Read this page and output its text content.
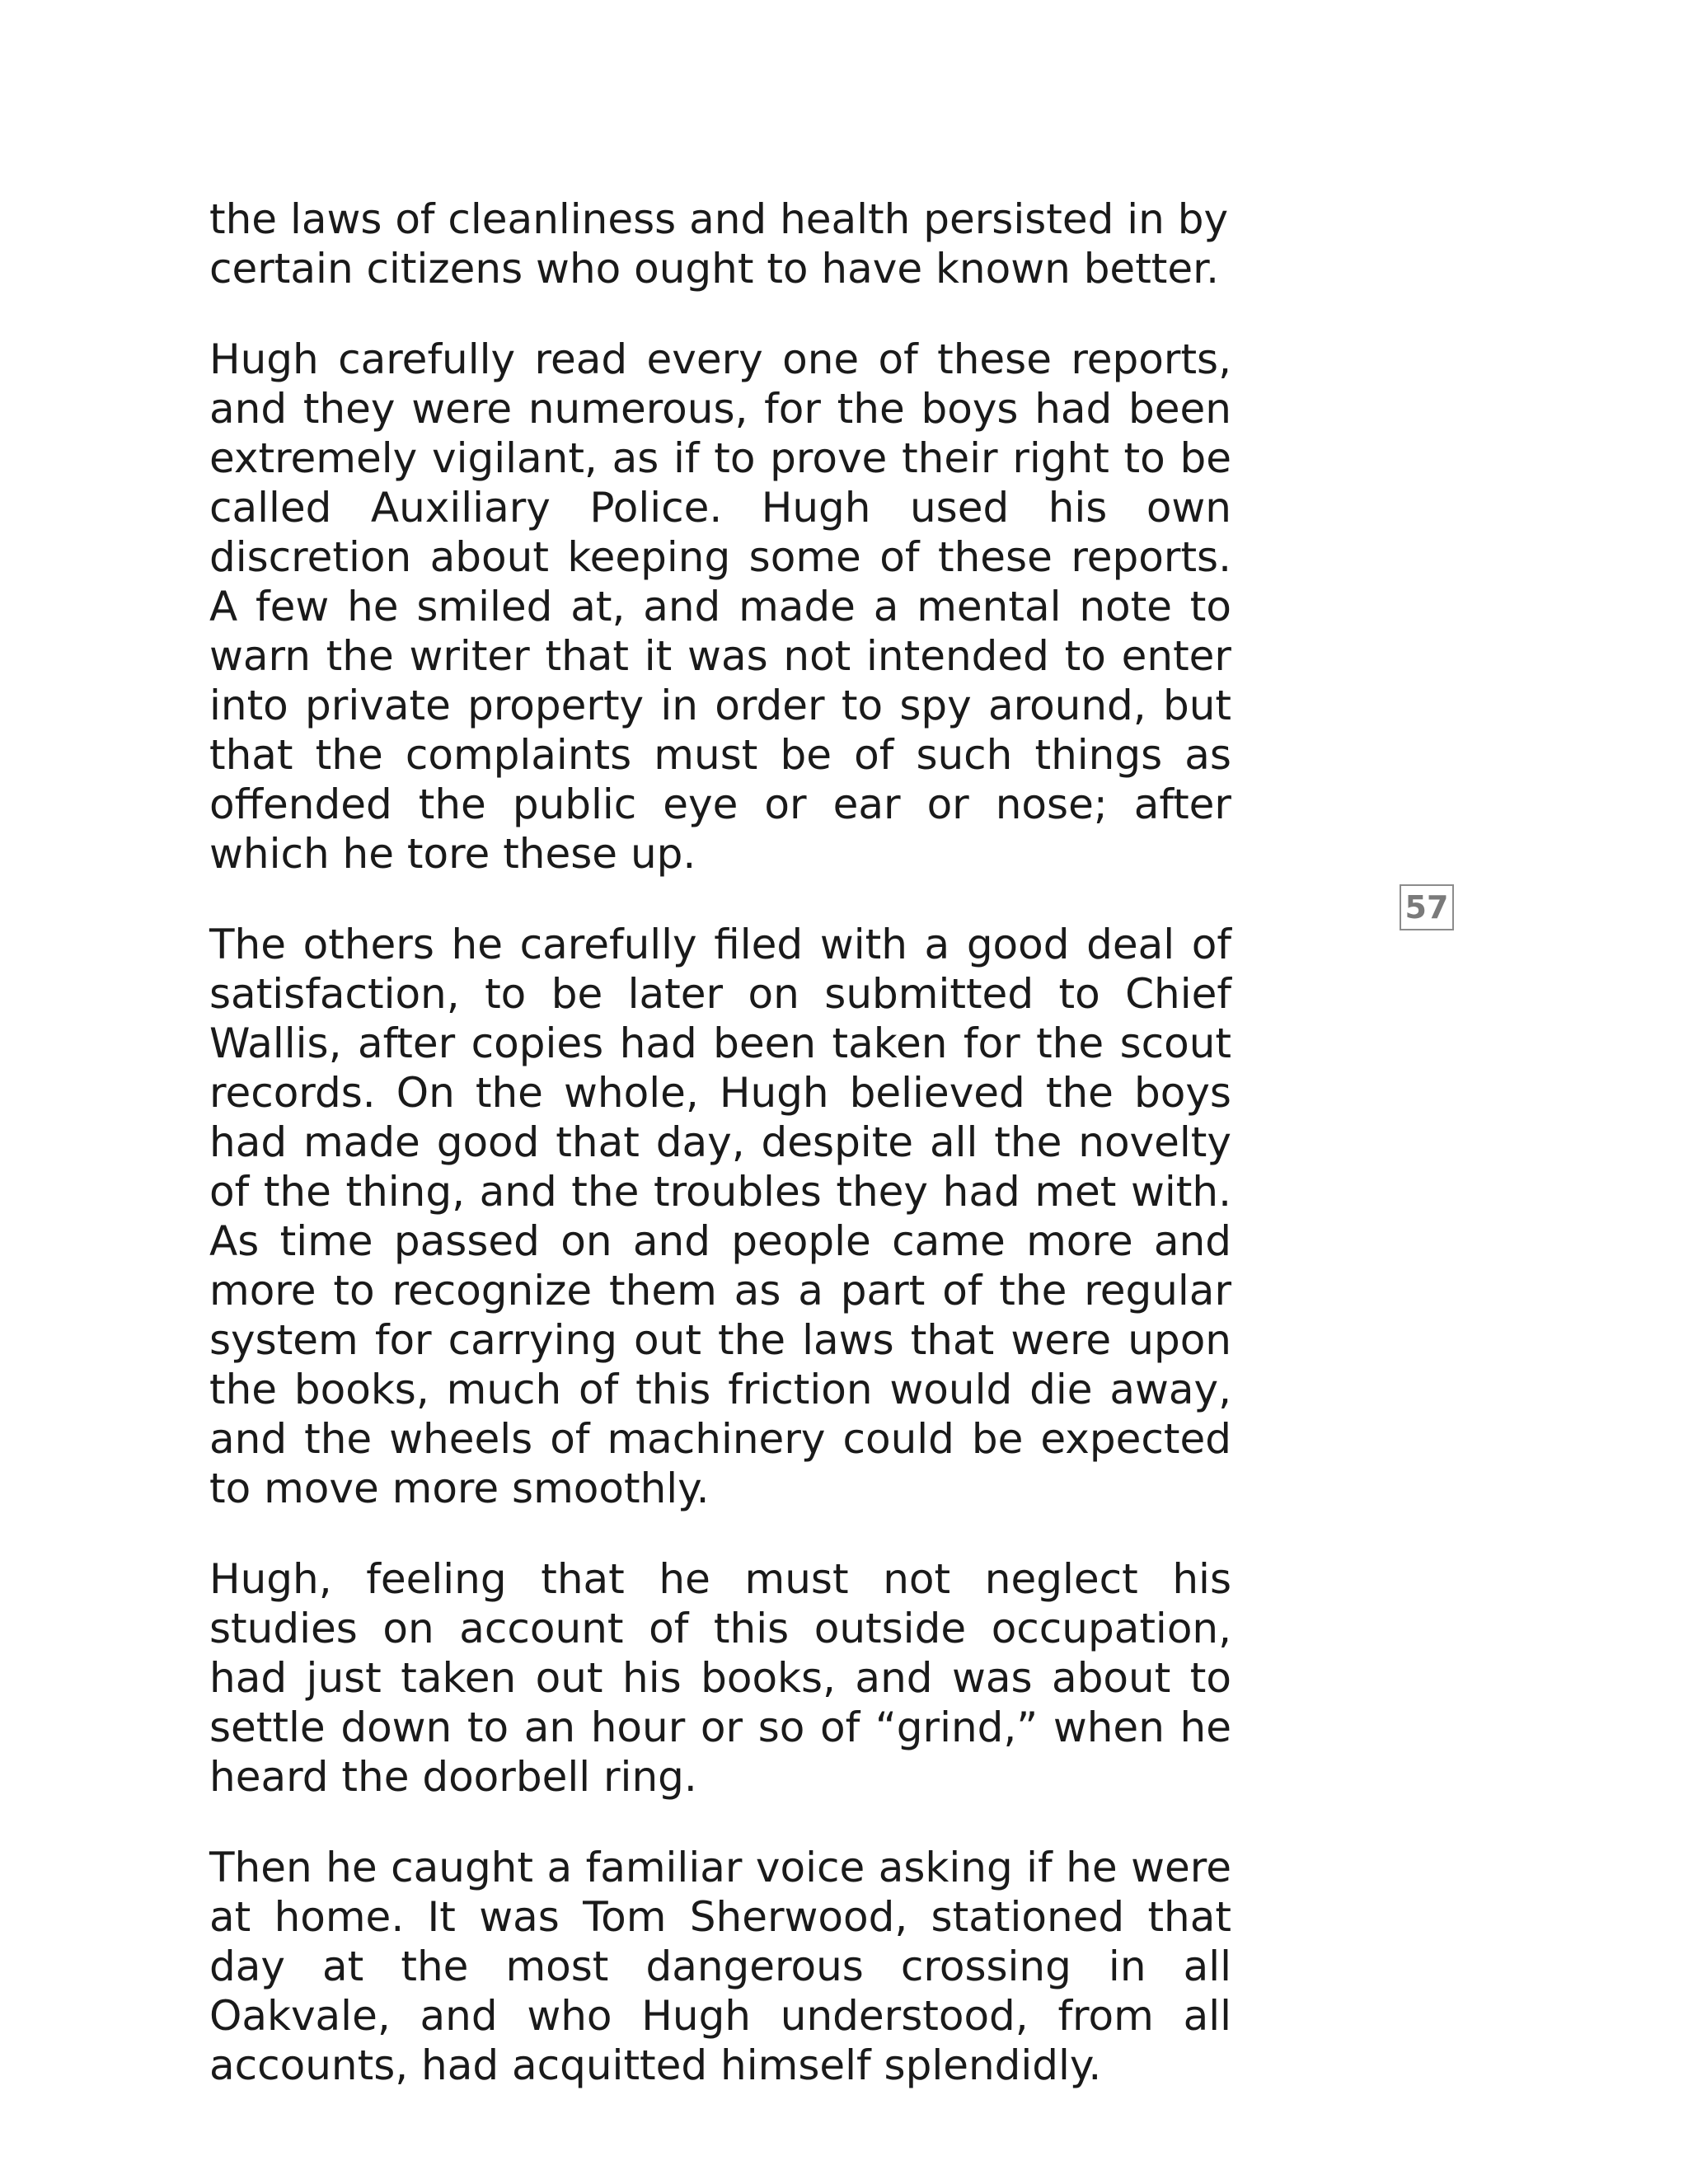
the laws of cleanliness and health persisted in by certain citizens who ought to have known better.

Hugh carefully read every one of these reports, and they were numerous, for the boys had been extremely vigilant, as if to prove their right to be called Auxiliary Police. Hugh used his own discretion about keeping some of these reports. A few he smiled at, and made a mental note to warn the writer that it was not intended to enter into private property in order to spy around, but that the complaints must be of such things as offended the public eye or ear or nose; after which he tore these up.

The others he carefully filed with a good deal of satisfaction, to be later on submitted to Chief Wallis, after copies had been taken for the scout records. On the whole, Hugh believed the boys had made good that day, despite all the novelty of the thing, and the troubles they had met with. As time passed on and people came more and more to recognize them as a part of the regular system for carrying out the laws that were upon the books, much of this friction would die away, and the wheels of machinery could be expected to move more smoothly.

Hugh, feeling that he must not neglect his studies on account of this outside occupation, had just taken out his books, and was about to settle down to an hour or so of “grind,” when he heard the doorbell ring.

Then he caught a familiar voice asking if he were at home. It was Tom Sherwood, stationed that day at the most dangerous crossing in all Oakvale, and who Hugh understood, from all accounts, had acquitted himself splendidly.

57
